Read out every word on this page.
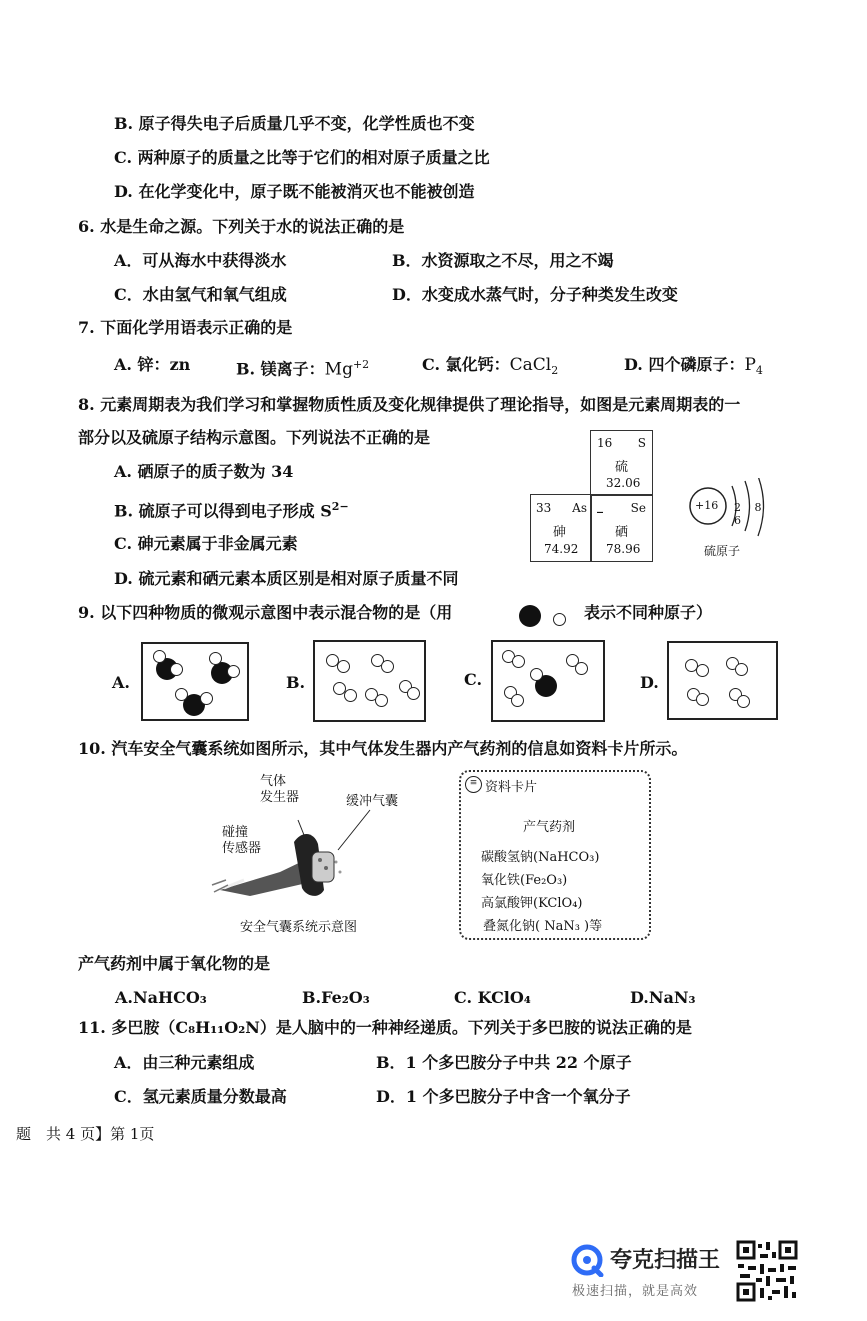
B. 原子得失电子后质量几乎不变，化学性质也不变
C. 两种原子的质量之比等于它们的相对原子质量之比
D. 在化学变化中，原子既不能被消灭也不能被创造
6. 水是生命之源。下列关于水的说法正确的是
A．可从海水中获得淡水	B．水资源取之不尽，用之不竭
C．水由氢气和氧气组成	D．水变成水蒸气时，分子种类发生改变
7. 下面化学用语表示正确的是
A. 锌：zn	B. 镁离子：$Mg^{+2}$	C. 氯化钙：CaCl$_2$	D. 四个磷原子：$P_4$
8. 元素周期表为我们学习和掌握物质性质及变化规律提供了理论指导，如图是元素周期表的一
部分以及硫原子结构示意图。下列说法不正确的是
A. 硒原子的质子数为 34
B. 硫原子可以得到电子形成 $S^{2-}$
C. 砷元素属于非金属元素
D. 硫元素和硒元素本质区别是相对原子质量不同
16 S
硫
32.06
33 As
砷
74.92
_ Se
硒
78.96
+16 2 8 6
硫原子
9. 以下四种物质的微观示意图中表示混合物的是（用	表示不同种原子）
A.	B.	C.	D.
10. 汽车安全气囊系统如图所示，其中气体发生器内产气药剂的信息如资料卡片所示。
气体
发生器	缓冲气囊
碰撞
传感器
安全气囊系统示意图
≡ 资料卡片
产气药剂
碳酸氢钠(NaHCO₃)
氧化铁(Fe₂O₃)
高氯酸钾(KClO₄)
叠氮化钠( NaN₃ )等
产气药剂中属于氧化物的是
A.NaHCO₃	B.Fe₂O₃	C. KClO₄	D.NaN₃
11. 多巴胺（C₈H₁₁O₂N）是人脑中的一种神经递质。下列关于多巴胺的说法正确的是
A．由三种元素组成	B．1 个多巴胺分子中共 22 个原子
C．氢元素质量分数最高	D．1 个多巴胺分子中含一个氧分子
题　共 4 页】第 1页
夸克扫描王
极速扫描，就是高效
